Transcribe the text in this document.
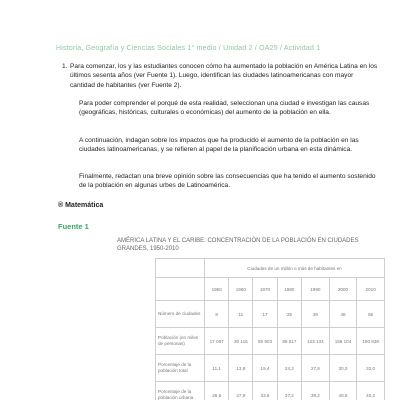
Historia, Geografía y Ciencias Sociales 1° medio / Unidad 2 / OA25 / Actividad 1
1. Para comenzar, los y las estudiantes conocen cómo ha aumentado la población en América Latina en los últimos sesenta años (ver Fuente 1). Luego, identifican las ciudades latinoamericanas con mayor cantidad de habitantes (ver Fuente 2).
Para poder comprender el porqué de esta realidad, seleccionan una ciudad e investigan las causas (geográficas, históricas, culturales o económicas) del aumento de la población en ella.
A continuación, indagan sobre los impactos que ha producido el aumento de la población en las ciudades latinoamericanas, y se refieren al papel de la planificación urbana en esta dinámica.
Finalmente, redactan una breve opinión sobre las consecuencias que ha tenido el aumento sostenido de la población en algunas urbes de Latinoamérica.
® Matemática
Fuente 1
AMÉRICA LATINA Y EL CARIBE: CONCENTRACIÓN DE LA POBLACIÓN EN CIUDADES GRANDES, 1950-2010
	Ciudades de un millón o más de habitantes en						
	1950	1960	1970	1980	1990	2000	2010
Número de ciudades	8	11	17	25	38	48	56
Población (en miles de personas)	17 067	30 116	55 903	89 617	123 134	158 104	190 938
Porcentaje de la población total	11,1	13,8	19,4	24,2	27,8	30,0	32,0
Porcentaje de la población urbana	26,5	27,9	33,6	37,2	39,2	40,8	40,2
